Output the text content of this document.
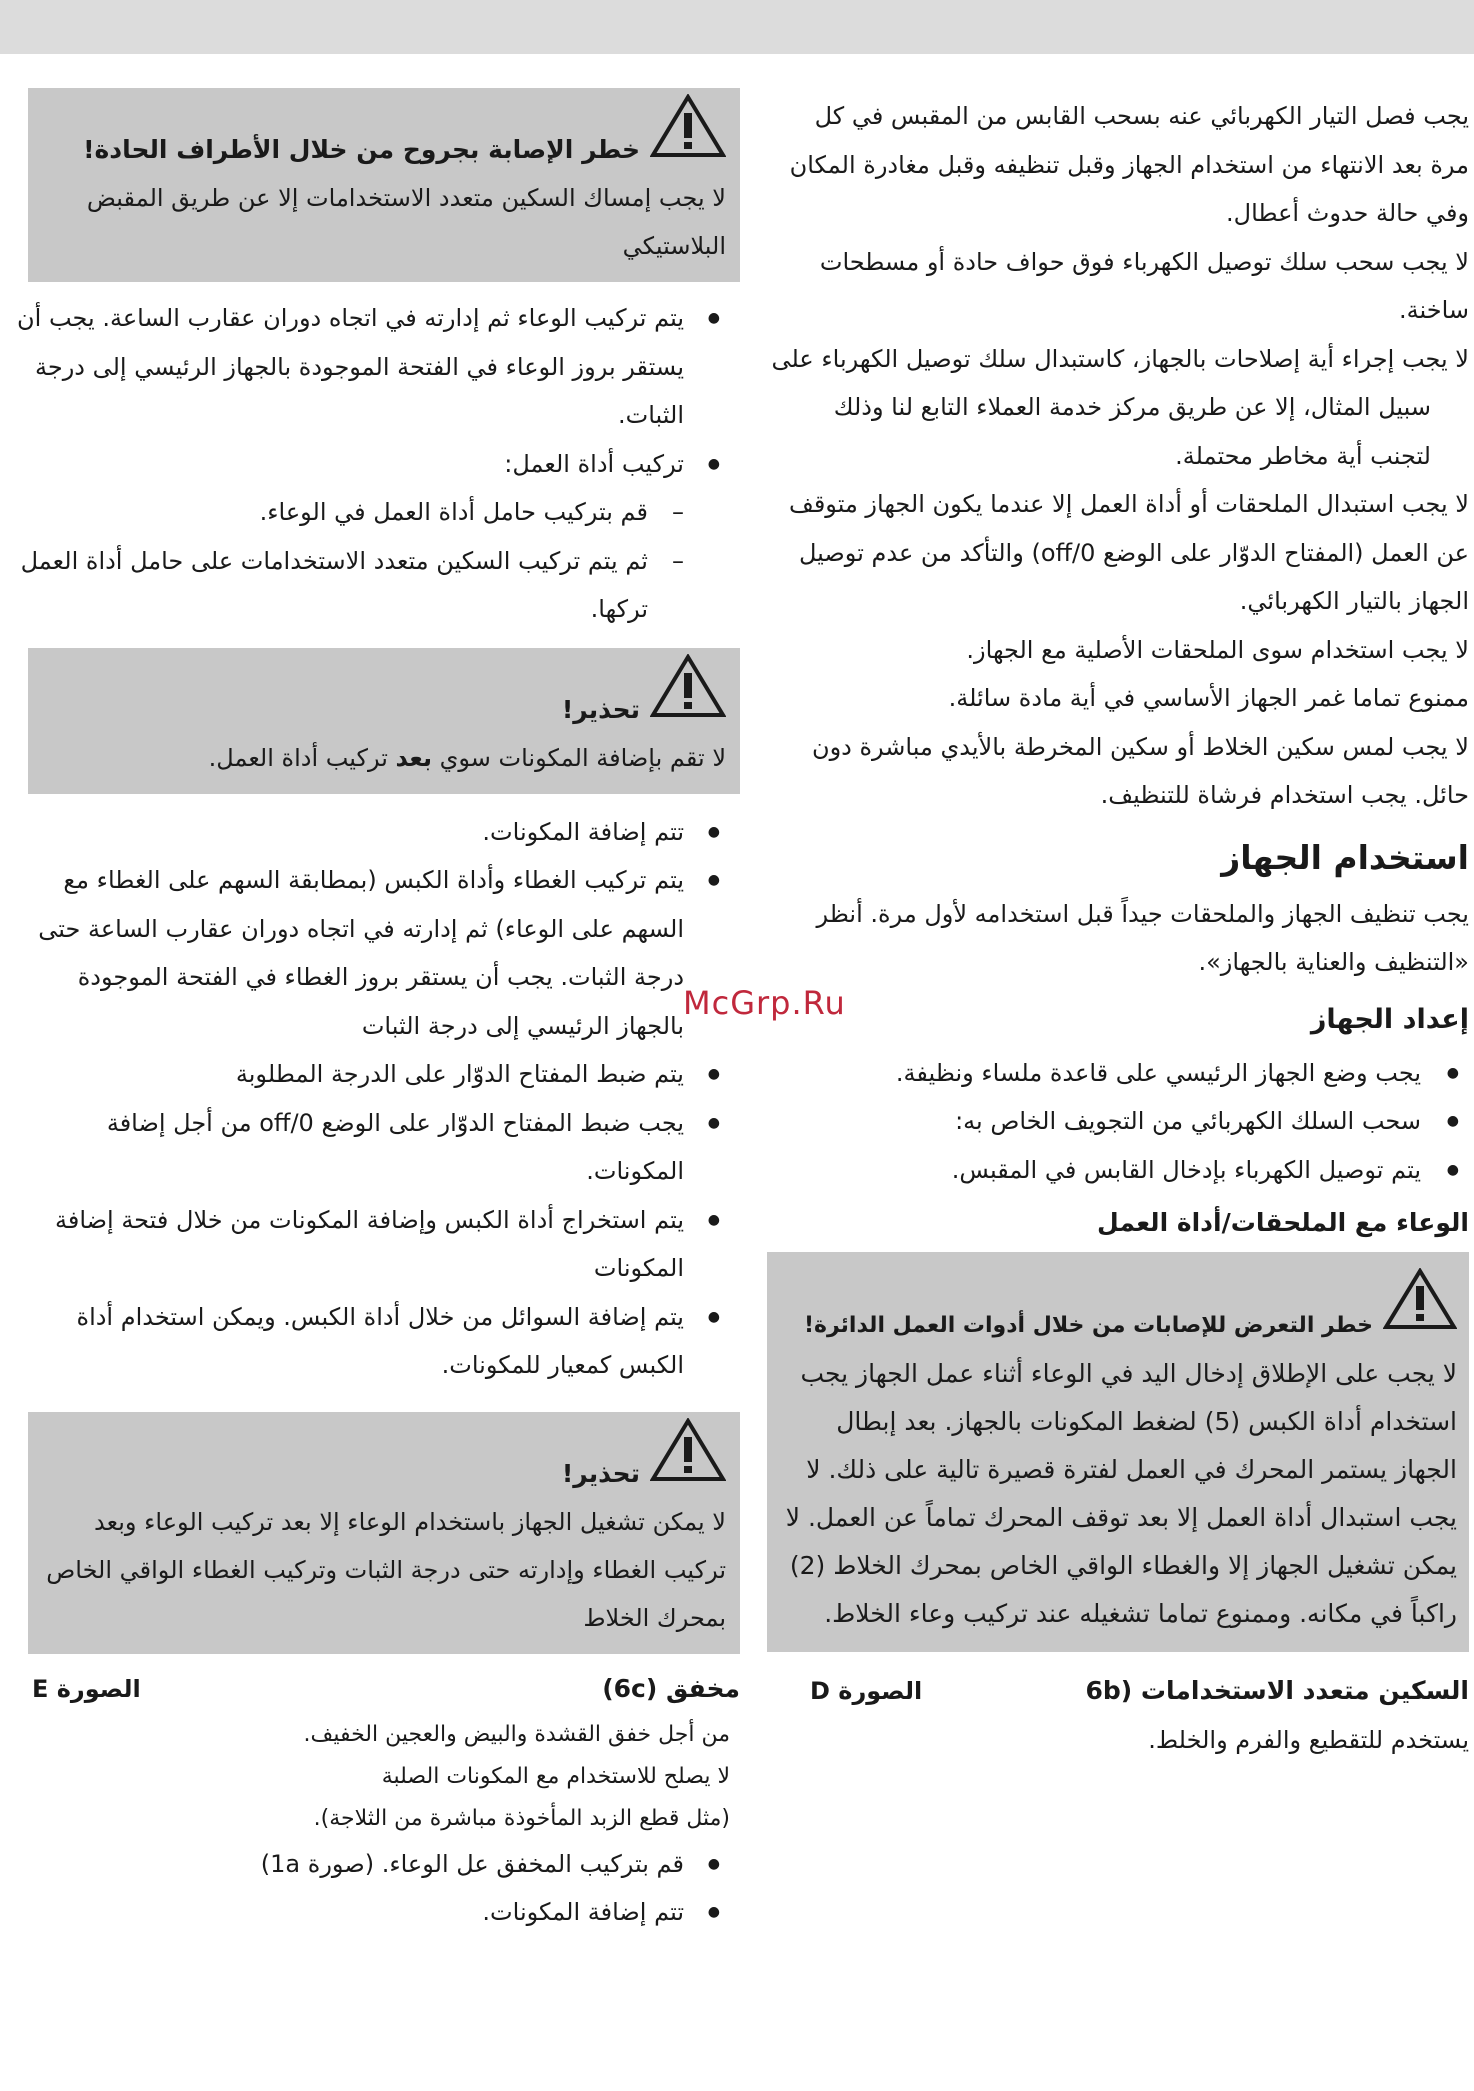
يجب فصل التيار الكهربائي عنه بسحب القابس من المقبس في كل مرة بعد الانتهاء من استخدام الجهاز وقبل تنظيفه وقبل مغادرة المكان وفي حالة حدوث أعطال.

لا يجب سحب سلك توصيل الكهرباء فوق حواف حادة أو مسطحات ساخنة.

لا يجب إجراء أية إصلاحات بالجهاز، كاستبدال سلك توصيل الكهرباء على سبيل المثال، إلا عن طريق مركز خدمة العملاء التابع لنا وذلك لتجنب أية مخاطر محتملة.

لا يجب استبدال الملحقات أو أداة العمل إلا عندما يكون الجهاز متوقف عن العمل (المفتاح الدوّار على الوضع off/0) والتأكد من عدم توصيل الجهاز بالتيار الكهربائي.

لا يجب استخدام سوى الملحقات الأصلية مع الجهاز.

ممنوع تماما غمر الجهاز الأساسي في أية مادة سائلة.

لا يجب لمس سكين الخلاط أو سكين المخرطة بالأيدي مباشرة دون حائل. يجب استخدام فرشاة للتنظيف.

استخدام الجهاز

يجب تنظيف الجهاز والملحقات جيداً قبل استخدامه لأول مرة. أنظر «التنظيف والعناية بالجهاز».

إعداد الجهاز
● يجب وضع الجهاز الرئيسي على قاعدة ملساء ونظيفة.
● سحب السلك الكهربائي من التجويف الخاص به:
● يتم توصيل الكهرباء بإدخال القابس في المقبس.
الوعاء مع الملحقات/أداة العمل
خطر التعرض للإصابات من خلال أدوات العمل الدائرة!

لا يجب على الإطلاق إدخال اليد في الوعاء أثناء عمل الجهاز يجب استخدام أداة الكبس (5) لضغط المكونات بالجهاز. بعد إبطال الجهاز يستمر المحرك في العمل لفترة قصيرة تالية على ذلك. لا يجب استبدال أداة العمل إلا بعد توقف المحرك تماماً عن العمل. لا يمكن تشغيل الجهاز إلا والغطاء الواقي الخاص بمحرك الخلاط (2) راكباً في مكانه. وممنوع تماما تشغيله عند تركيب وعاء الخلاط.

السكين متعدد الاستخدامات (6b
الصورة D

يستخدم للتقطيع والفرم والخلط.

خطر الإصابة بجروح من خلال الأطراف الحادة!

لا يجب إمساك السكين متعدد الاستخدامات إلا عن طريق المقبض البلاستيكي

● يتم تركيب الوعاء ثم إدارته في اتجاه دوران عقارب الساعة. يجب أن يستقر بروز الوعاء في الفتحة الموجودة بالجهاز الرئيسي إلى درجة الثبات.
● تركيب أداة العمل:
– قم بتركيب حامل أداة العمل في الوعاء.
– ثم يتم تركيب السكين متعدد الاستخدامات على حامل أداة العمل تركها.
تحذير!

لا تقم بإضافة المكونات سوي بعد تركيب أداة العمل.

● تتم إضافة المكونات.
● يتم تركيب الغطاء وأداة الكبس (بمطابقة السهم على الغطاء مع السهم على الوعاء) ثم إدارته في اتجاه دوران عقارب الساعة حتى درجة الثبات. يجب أن يستقر بروز الغطاء في الفتحة الموجودة بالجهاز الرئيسي إلى درجة الثبات
● يتم ضبط المفتاح الدوّار على الدرجة المطلوبة
● يجب ضبط المفتاح الدوّار على الوضع off/0 من أجل إضافة المكونات.
● يتم استخراج أداة الكبس وإضافة المكونات من خلال فتحة إضافة المكونات
● يتم إضافة السوائل من خلال أداة الكبس. ويمكن استخدام أداة الكبس كمعيار للمكونات.
تحذير!

لا يمكن تشغيل الجهاز باستخدام الوعاء إلا بعد تركيب الوعاء وبعد تركيب الغطاء وإدارته حتى درجة الثبات وتركيب الغطاء الواقي الخاص بمحرك الخلاط

مخفق (6c)
الصورة E

من أجل خفق القشدة والبيض والعجين الخفيف.

لا يصلح للاستخدام مع المكونات الصلبة

(مثل قطع الزبد المأخوذة مباشرة من الثلاجة).

● قم بتركيب المخفق عل الوعاء. (صورة 1a)
● تتم إضافة المكونات.
McGrp.Ru
